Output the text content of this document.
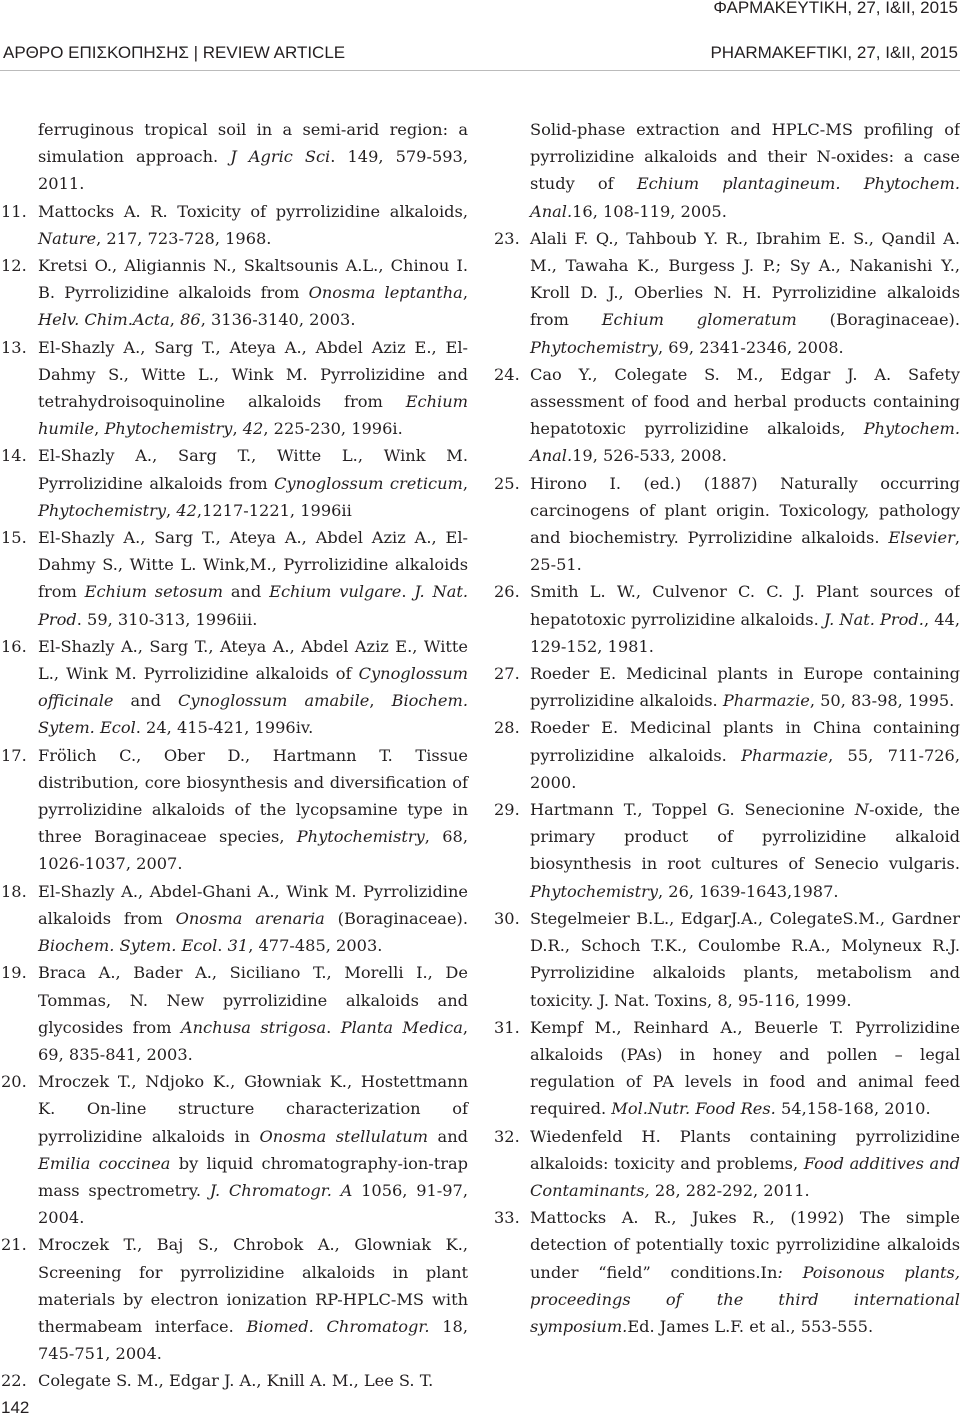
ΦΑΡΜΑΚΕΥΤΙΚΗ, 27, Ι&ΙΙ, 2015
ΑΡΘΡΟ ΕΠΙΣΚΟΠΗΣΗΣ | REVIEW ARTICLE	PHARMAKEFTIKI, 27, I&II, 2015
ferruginous tropical soil in a semi-arid region: a simulation approach. J Agric Sci. 149, 579-593, 2011.
11. Mattocks A. R. Toxicity of pyrrolizidine alkaloids, Nature, 217, 723-728, 1968.
12. Kretsi O., Aligiannis N., Skaltsounis A.L., Chinou I. B. Pyrrolizidine alkaloids from Onosma leptantha, Helv. Chim.Acta, 86, 3136-3140, 2003.
13. El-Shazly A., Sarg T., Ateya A., Abdel Aziz E., El-Dahmy S., Witte L., Wink M. Pyrrolizidine and tetrahydroisoquinoline alkaloids from Echium humile, Phytochemistry, 42, 225-230, 1996i.
14. El-Shazly A., Sarg T., Witte L., Wink M. Pyrrolizidine alkaloids from Cynoglossum creticum, Phytochemistry, 42,1217-1221, 1996ii
15. El-Shazly A., Sarg T., Ateya A., Abdel Aziz A., El-Dahmy S., Witte L. Wink,M., Pyrrolizidine alkaloids from Echium setosum and Echium vulgare. J. Nat. Prod. 59, 310-313, 1996iii.
16. El-Shazly A., Sarg T., Ateya A., Abdel Aziz E., Witte L., Wink M. Pyrrolizidine alkaloids of Cynoglossum officinale and Cynoglossum amabile, Biochem. Sytem. Ecol. 24, 415-421, 1996iv.
17. Frölich C., Ober D., Hartmann T. Tissue distribution, core biosynthesis and diversification of pyrrolizidine alkaloids of the lycopsamine type in three Boraginaceae species, Phytochemistry, 68, 1026-1037, 2007.
18. El-Shazly A., Abdel-Ghani A., Wink M. Pyrrolizidine alkaloids from Onosma arenaria (Boraginaceae). Biochem. Sytem. Ecol. 31, 477-485, 2003.
19. Braca A., Bader A., Siciliano T., Morelli I., De Tommas, N. New pyrrolizidine alkaloids and glycosides from Anchusa strigosa. Planta Medica, 69, 835-841, 2003.
20. Mroczek T., Ndjoko K., Głowniak K., Hostettmann K. On-line structure characterization of pyrrolizidine alkaloids in Onosma stellulatum and Emilia coccinea by liquid chromatography-ion-trap mass spectrometry. J. Chromatogr. A 1056, 91-97, 2004.
21. Mroczek T., Baj S., Chrobok A., Glowniak K., Screening for pyrrolizidine alkaloids in plant materials by electron ionization RP-HPLC-MS with thermabeam interface. Biomed. Chromatogr. 18, 745-751, 2004.
22. Colegate S. M., Edgar J. A., Knill A. M., Lee S. T.
Solid-phase extraction and HPLC-MS profiling of pyrrolizidine alkaloids and their N-oxides: a case study of Echium plantagineum. Phytochem. Anal.16, 108-119, 2005.
23. Alali F. Q., Tahboub Y. R., Ibrahim E. S., Qandil A. M., Tawaha K., Burgess J. P.; Sy A., Nakanishi Y., Kroll D. J., Oberlies N. H. Pyrrolizidine alkaloids from Echium glomeratum (Boraginaceae). Phytochemistry, 69, 2341-2346, 2008.
24. Cao Y., Colegate S. M., Edgar J. A. Safety assessment of food and herbal products containing hepatotoxic pyrrolizidine alkaloids, Phytochem. Anal.19, 526-533, 2008.
25. Hirono I. (ed.) (1887) Naturally occurring carcinogens of plant origin. Toxicology, pathology and biochemistry. Pyrrolizidine alkaloids. Elsevier, 25-51.
26. Smith L. W., Culvenor C. C. J. Plant sources of hepatotoxic pyrrolizidine alkaloids. J. Nat. Prod., 44, 129-152, 1981.
27. Roeder E. Medicinal plants in Europe containing pyrrolizidine alkaloids. Pharmazie, 50, 83-98, 1995.
28. Roeder E. Medicinal plants in China containing pyrrolizidine alkaloids. Pharmazie, 55, 711-726, 2000.
29. Hartmann T., Toppel G. Senecionine N-oxide, the primary product of pyrrolizidine alkaloid biosynthesis in root cultures of Senecio vulgaris. Phytochemistry, 26, 1639-1643,1987.
30. Stegelmeier B.L., EdgarJ.A., ColegateS.M., Gardner D.R., Schoch T.K., Coulombe R.A., Molyneux R.J. Pyrrolizidine alkaloids plants, metabolism and toxicity. J. Nat. Toxins, 8, 95-116, 1999.
31. Kempf M., Reinhard A., Beuerle T. Pyrrolizidine alkaloids (PAs) in honey and pollen – legal regulation of PA levels in food and animal feed required. Mol.Nutr. Food Res. 54,158-168, 2010.
32. Wiedenfeld H. Plants containing pyrrolizidine alkaloids: toxicity and problems, Food additives and Contaminants, 28, 282-292, 2011.
33. Mattocks A. R., Jukes R., (1992) The simple detection of potentially toxic pyrrolizidine alkaloids under “field” conditions.In: Poisonous plants, proceedings of the third international symposium.Ed. James L.F. et al., 553-555.
142
